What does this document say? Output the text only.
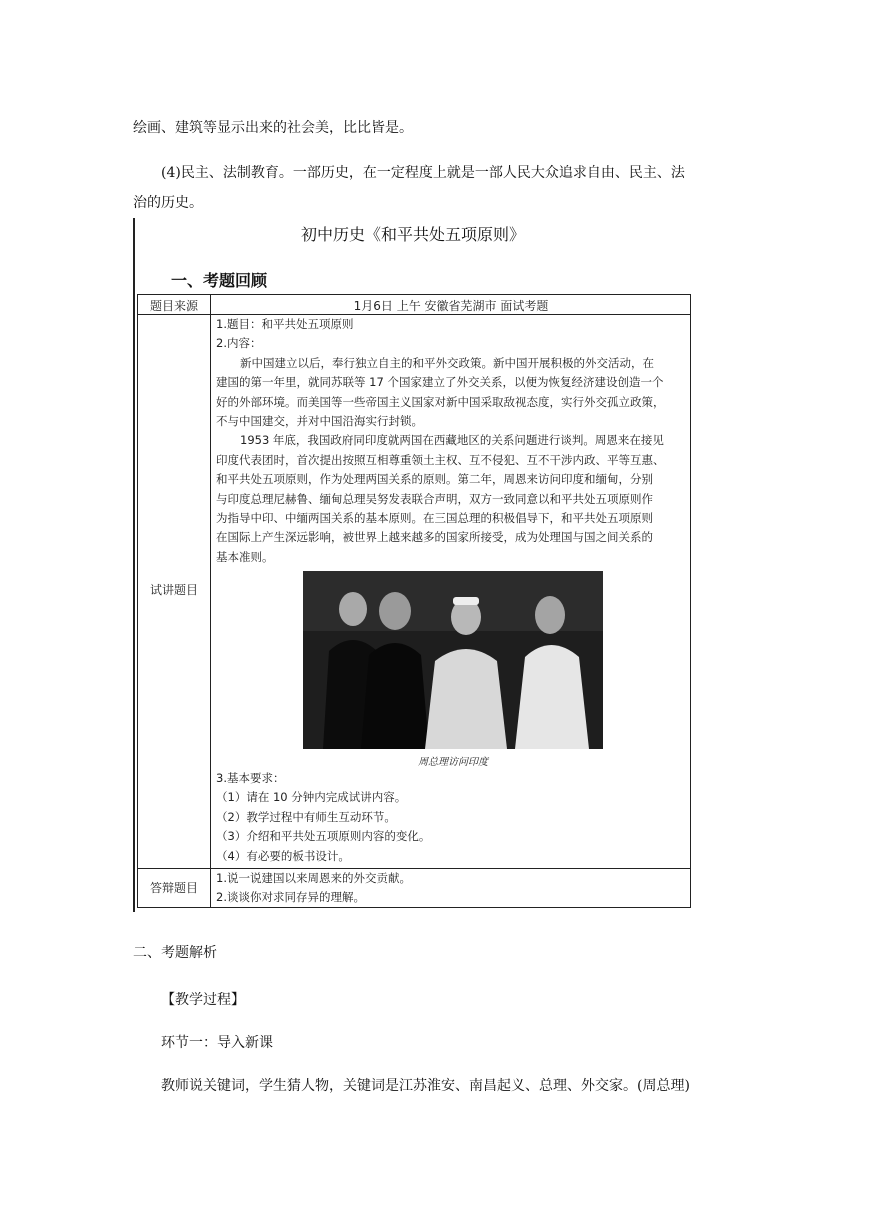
绘画、建筑等显示出来的社会美，比比皆是。
(4)民主、法制教育。一部历史，在一定程度上就是一部人民大众追求自由、民主、法
治的历史。
初中历史《和平共处五项原则》
一、考题回顾
题目来源	1月6日 上午 安徽省芜湖市 面试考题
试讲题目
1.题目：和平共处五项原则
2.内容：
新中国建立以后，奉行独立自主的和平外交政策。新中国开展积极的外交活动，在
建国的第一年里，就同苏联等 17 个国家建立了外交关系，以便为恢复经济建设创造一个
好的外部环境。而美国等一些帝国主义国家对新中国采取敌视态度，实行外交孤立政策，
不与中国建交，并对中国沿海实行封锁。
1953 年底，我国政府同印度就两国在西藏地区的关系问题进行谈判。周恩来在接见
印度代表团时，首次提出按照互相尊重领土主权、互不侵犯、互不干涉内政、平等互惠、
和平共处五项原则，作为处理两国关系的原则。第二年，周恩来访问印度和缅甸，分别
与印度总理尼赫鲁、缅甸总理吴努发表联合声明，双方一致同意以和平共处五项原则作
为指导中印、中缅两国关系的基本原则。在三国总理的积极倡导下，和平共处五项原则
在国际上产生深远影响，被世界上越来越多的国家所接受，成为处理国与国之间关系的
基本准则。
周总理访问印度
3.基本要求：
（1）请在 10 分钟内完成试讲内容。
（2）教学过程中有师生互动环节。
（3）介绍和平共处五项原则内容的变化。
（4）有必要的板书设计。
答辩题目
1.说一说建国以来周恩来的外交贡献。
2.谈谈你对求同存异的理解。
二、考题解析
【教学过程】
环节一：导入新课
教师说关键词，学生猜人物，关键词是江苏淮安、南昌起义、总理、外交家。(周总理)
